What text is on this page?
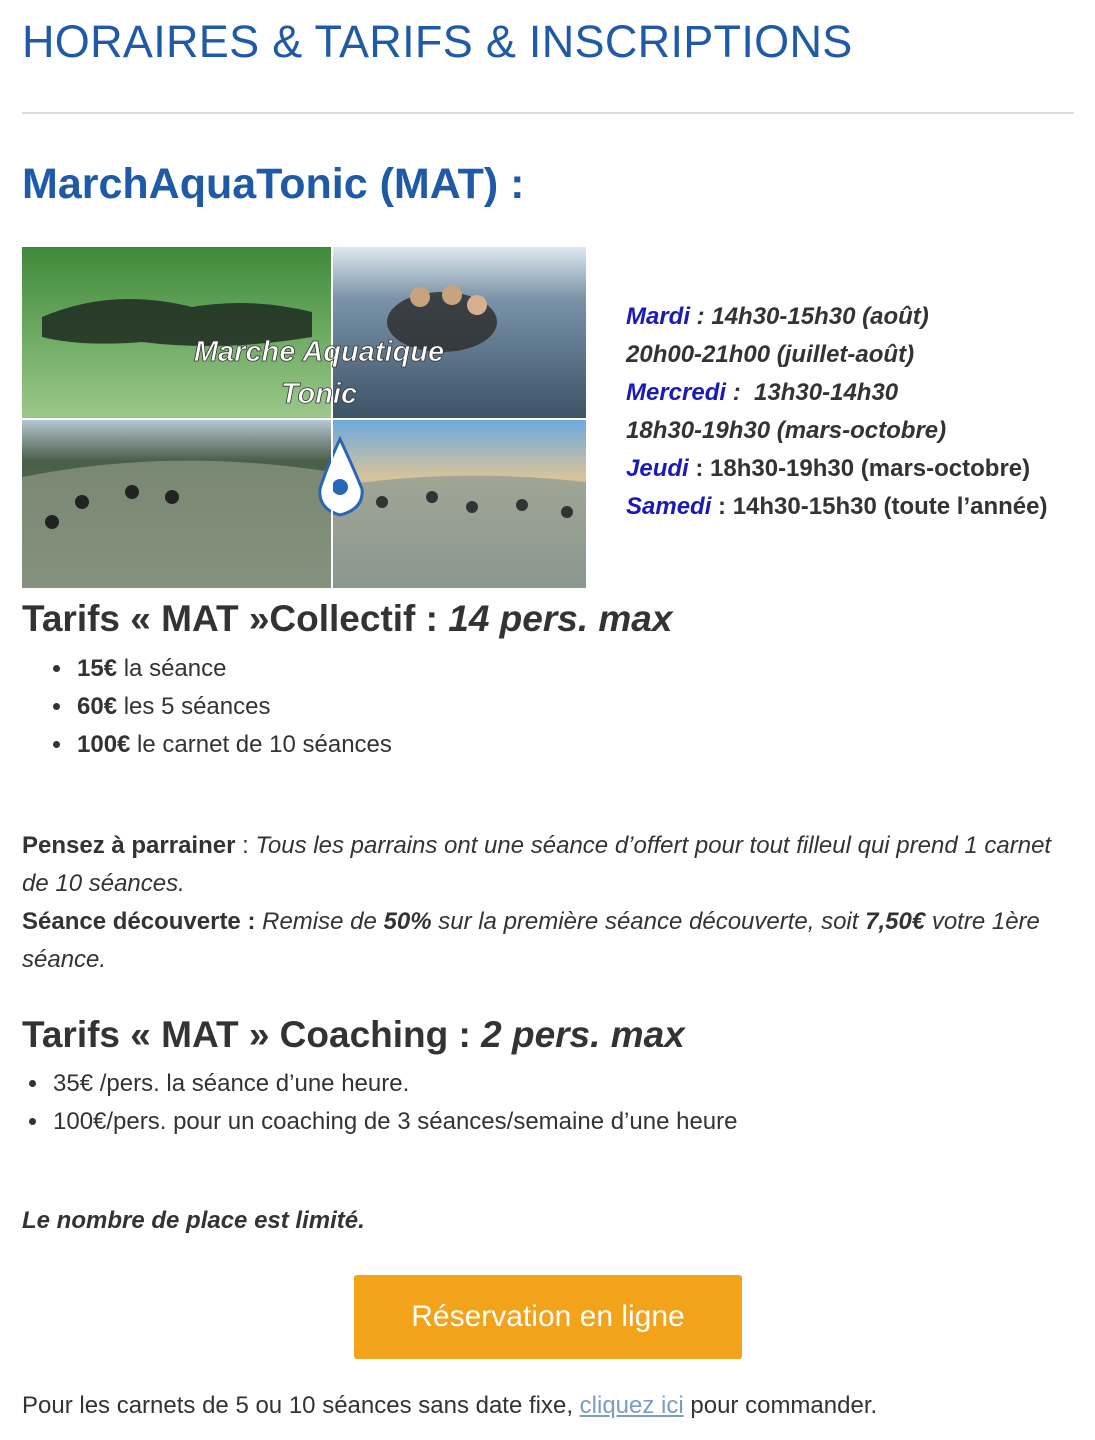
HORAIRES & TARIFS & INSCRIPTIONS
MarchAquaTonic (MAT) :
Marche Aquatique
Tonic
Mardi : 14h30-15h30 (août)
20h00-21h00 (juillet-août)
Mercredi :  13h30-14h30
18h30-19h30 (mars-octobre)
Jeudi : 18h30-19h30 (mars-octobre)
Samedi : 14h30-15h30 (toute l’année)
Tarifs « MAT »Collectif : 14 pers. max
• 15€ la séance
• 60€ les 5 séances
• 100€ le carnet de 10 séances

Pensez à parrainer : Tous les parrains ont une séance d’offert pour tout filleul qui prend 1 carnet de 10 séances.

Séance découverte : Remise de 50% sur la première séance découverte, soit 7,50€ votre 1ère séance.

Tarifs « MAT » Coaching : 2 pers. max
• 35€ /pers. la séance d’une heure.
• 100€/pers. pour un coaching de 3 séances/semaine d’une heure

Le nombre de place est limité.

Réservation en ligne

Pour les carnets de 5 ou 10 séances sans date fixe, cliquez ici pour commander.
